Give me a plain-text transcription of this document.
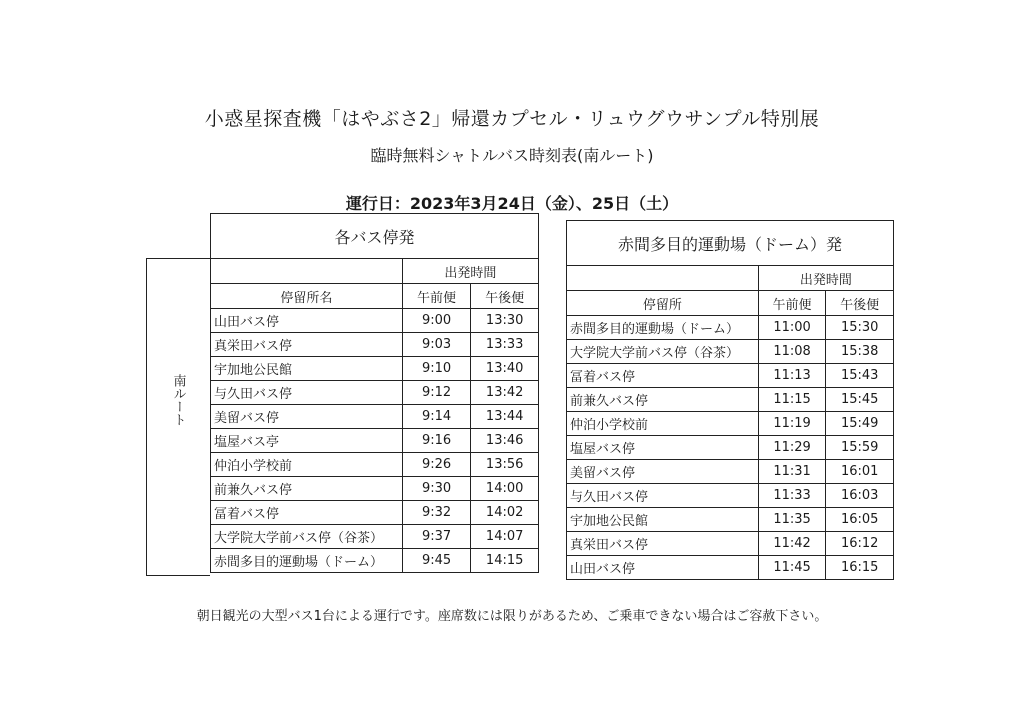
小惑星探査機「はやぶさ2」帰還カプセル・リュウグウサンプル特別展
臨時無料シャトルバス時刻表(南ルート)
運行日：2023年3月24日（金）、25日（土）
南ルート
各バス停発		
	出発時間	
停留所名	午前便	午後便
山田バス停	9:00	13:30
真栄田バス停	9:03	13:33
宇加地公民館	9:10	13:40
与久田バス停	9:12	13:42
美留バス停	9:14	13:44
塩屋バス亭	9:16	13:46
仲泊小学校前	9:26	13:56
前兼久バス停	9:30	14:00
冨着バス停	9:32	14:02
大学院大学前バス停（谷茶）	9:37	14:07
赤間多目的運動場（ドーム）	9:45	14:15
赤間多目的運動場（ドーム）発		
	出発時間	
停留所	午前便	午後便
赤間多目的運動場（ドーム）	11:00	15:30
大学院大学前バス停（谷茶）	11:08	15:38
冨着バス停	11:13	15:43
前兼久バス停	11:15	15:45
仲泊小学校前	11:19	15:49
塩屋バス停	11:29	15:59
美留バス停	11:31	16:01
与久田バス停	11:33	16:03
宇加地公民館	11:35	16:05
真栄田バス停	11:42	16:12
山田バス停	11:45	16:15
朝日観光の大型バス1台による運行です。座席数には限りがあるため、ご乗車できない場合はご容赦下さい。
